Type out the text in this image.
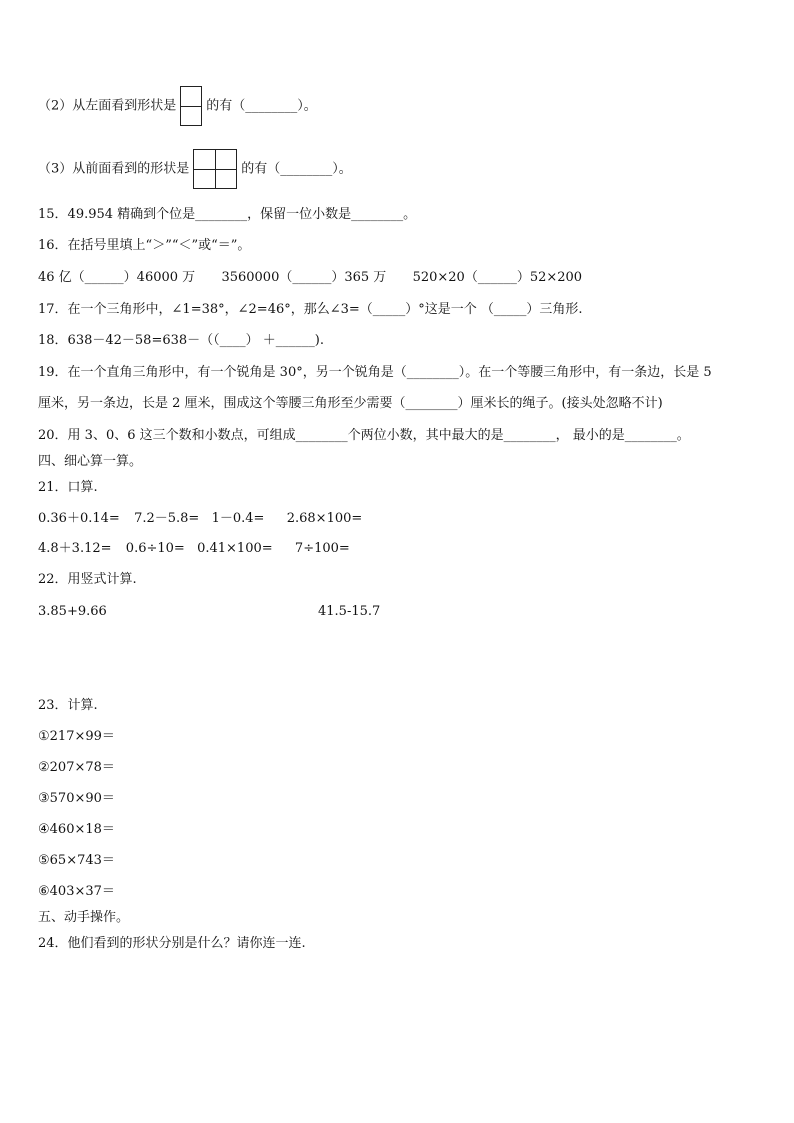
（2）从左面看到形状是 的有（________）。
（3）从前面看到的形状是	的有（________）。
15．49.954 精确到个位是________，保留一位小数是________。
16．在括号里填上“＞”“＜”或“＝”。
46 亿（______）46000 万 3560000（______）365 万 520×20（______）52×200
17．在一个三角形中，∠1=38°，∠2=46°，那么∠3=（_____）°这是一个 （_____）三角形.
18．638－42－58=638－（（____） ＋______).
19．在一个直角三角形中，有一个锐角是 30°，另一个锐角是（________）。在一个等腰三角形中，有一条边，长是 5
厘米，另一条边，长是 2 厘米，围成这个等腰三角形至少需要（________）厘米长的绳子。(接头处忽略不计)
20．用 3、0、6 这三个数和小数点，可组成________个两位小数，其中最大的是________， 最小的是________。
四、细心算一算。
21．口算.
0.36＋0.14= 7.2－5.8= 1－0.4= 2.68×100=
4.8＋3.12= 0.6÷10= 0.41×100= 7÷100=
22．用竖式计算.
3.85+9.66	41.5-15.7
23．计算.
①217×99＝
②207×78＝
③570×90＝
④460×18＝
⑤65×743＝
⑥403×37＝
五、动手操作。
24．他们看到的形状分别是什么？请你连一连.
